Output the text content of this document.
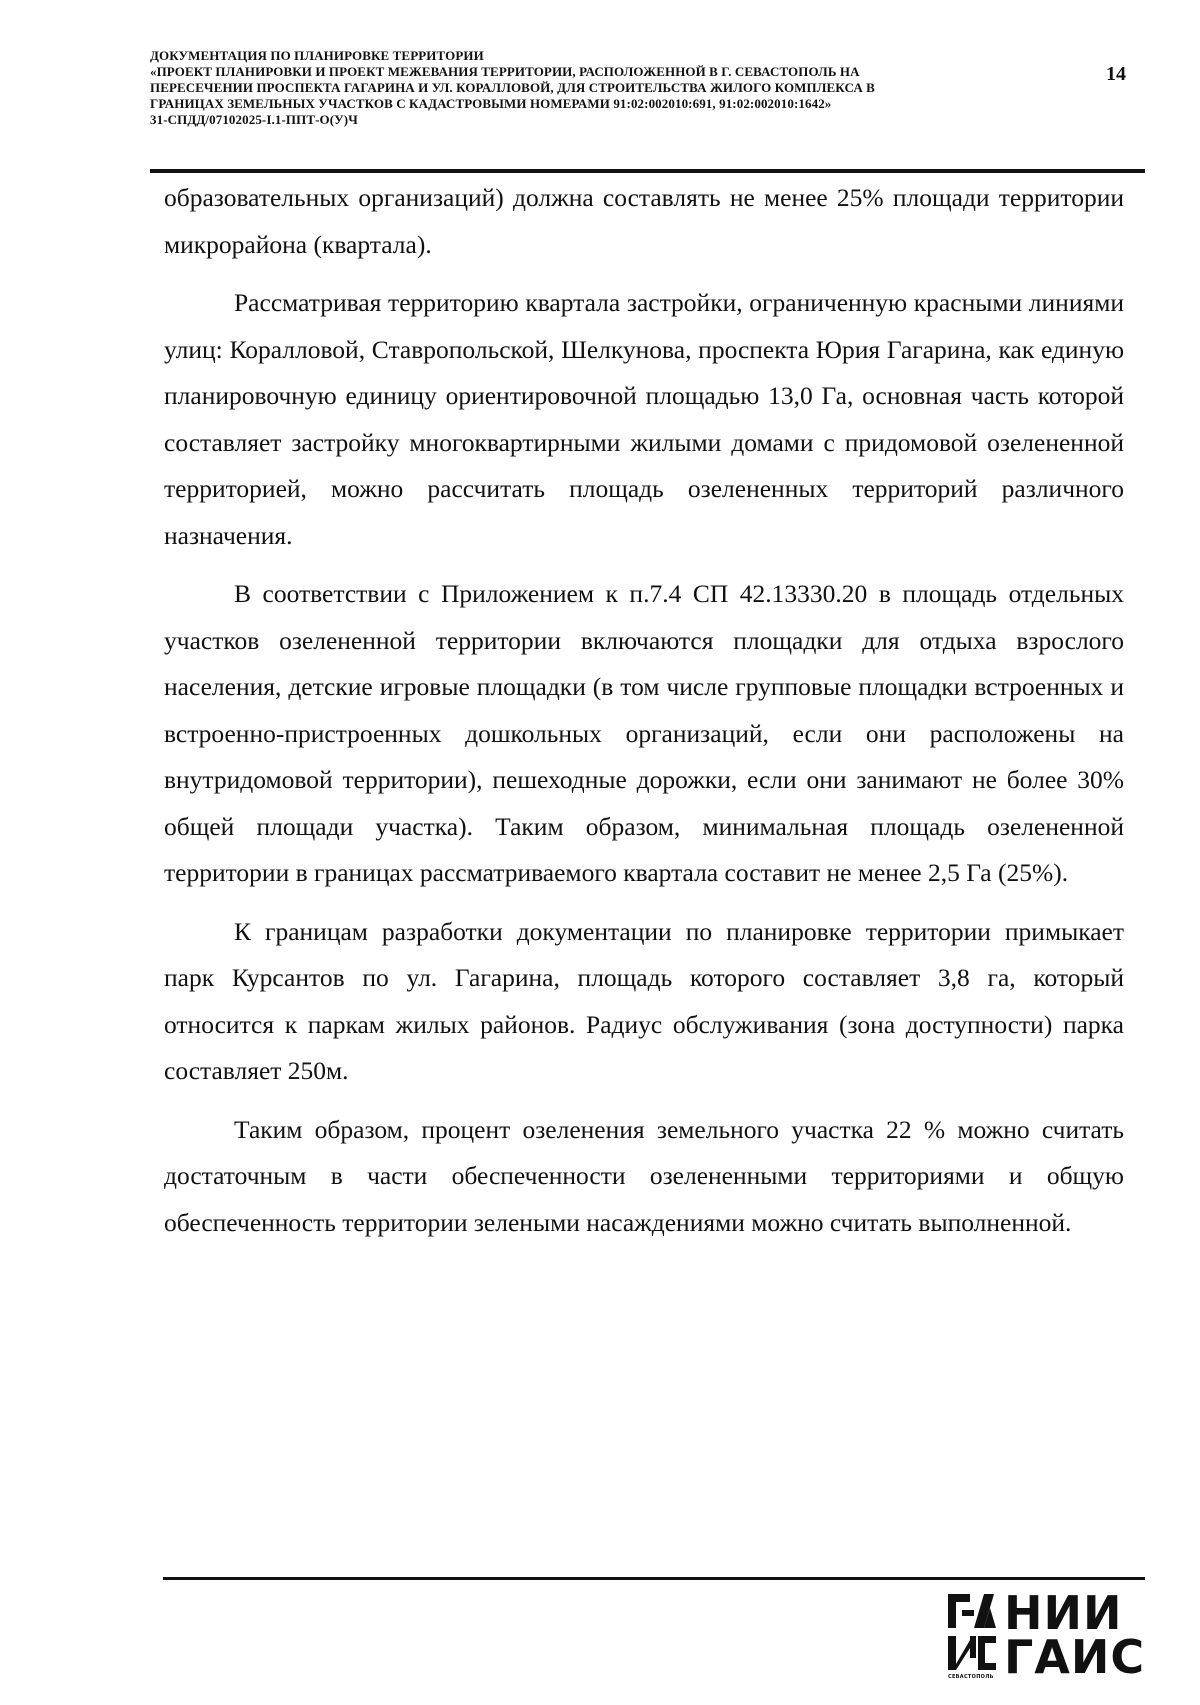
ДОКУМЕНТАЦИЯ ПО ПЛАНИРОВКЕ ТЕРРИТОРИИ
«ПРОЕКТ ПЛАНИРОВКИ И ПРОЕКТ МЕЖЕВАНИЯ ТЕРРИТОРИИ, РАСПОЛОЖЕННОЙ В Г. СЕВАСТОПОЛЬ НА
ПЕРЕСЕЧЕНИИ ПРОСПЕКТА ГАГАРИНА И УЛ. КОРАЛЛОВОЙ, ДЛЯ СТРОИТЕЛЬСТВА ЖИЛОГО КОМПЛЕКСА В
ГРАНИЦАХ ЗЕМЕЛЬНЫХ УЧАСТКОВ С КАДАСТРОВЫМИ НОМЕРАМИ 91:02:002010:691, 91:02:002010:1642»
31-СПДД/07102025-I.1-ППТ-О(У)Ч
14

образовательных организаций) должна составлять не менее 25% площади территории микрорайона (квартала).

Рассматривая территорию квартала застройки, ограниченную красными линиями улиц: Коралловой, Ставропольской, Шелкунова, проспекта Юрия Гагарина, как единую планировочную единицу ориентировочной площадью 13,0 Га, основная часть которой составляет застройку многоквартирными жилыми домами с придомовой озелененной территорией, можно рассчитать площадь озелененных территорий различного назначения.

В соответствии с Приложением к п.7.4 СП 42.13330.20 в площадь отдельных участков озелененной территории включаются площадки для отдыха взрослого населения, детские игровые площадки (в том числе групповые площадки встроенных и встроенно-пристроенных дошкольных организаций, если они расположены на внутридомовой территории), пешеходные дорожки, если они занимают не более 30% общей площади участка). Таким образом, минимальная площадь озелененной территории в границах рассматриваемого квартала составит не менее 2,5 Га (25%).

К границам разработки документации по планировке территории примыкает парк Курсантов по ул. Гагарина, площадь которого составляет 3,8 га, который относится к паркам жилых районов. Радиус обслуживания (зона доступности) парка составляет 250м.

Таким образом, процент озеленения земельного участка 22 % можно считать достаточным в части обеспеченности озелененными территориями и общую обеспеченность территории зелеными насаждениями можно считать выполненной.

СЕВАСТОПОЛЬ
НИИ
ГАИС
